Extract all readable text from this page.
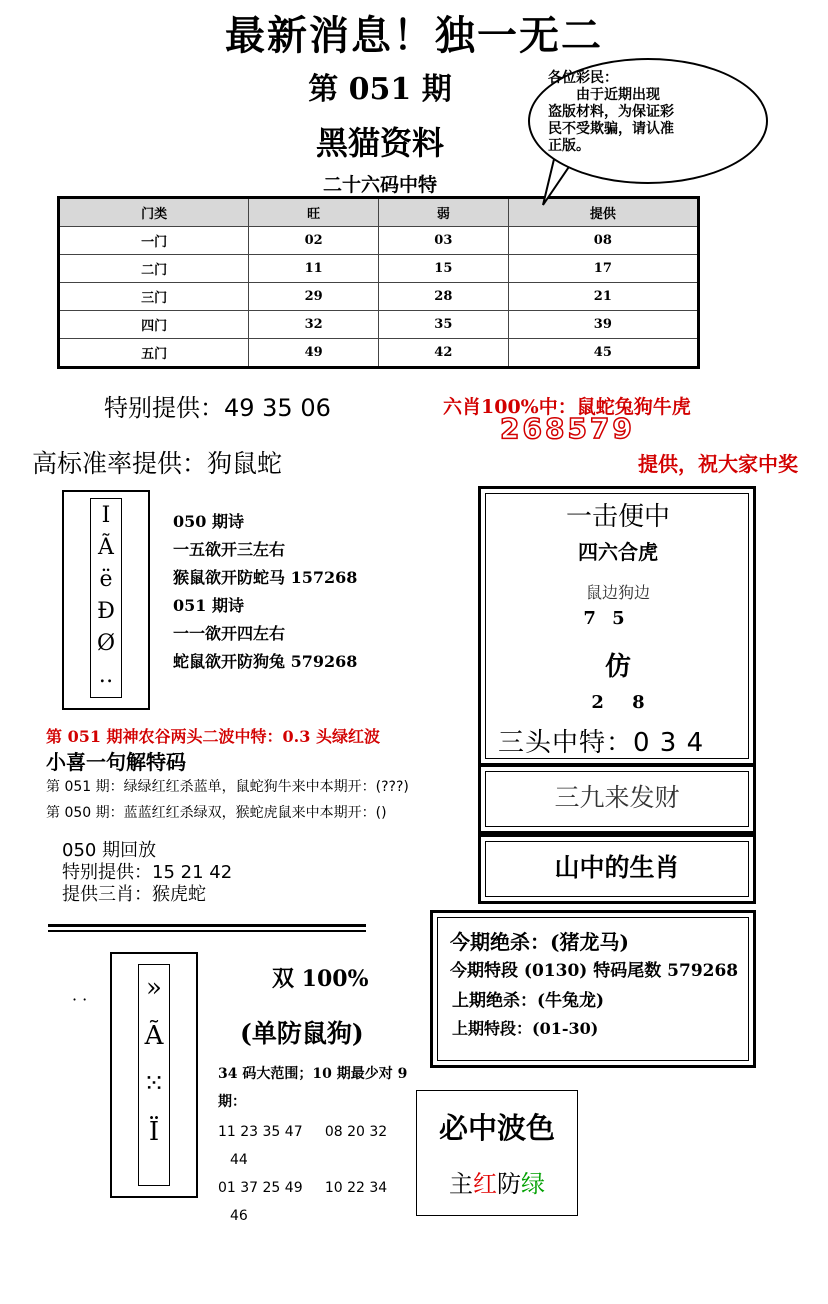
最新消息！独一无二
第 051 期
黑猫资料
二十六码中特
各位彩民：
　　由于近期出现
盗版材料，为保证彩
民不受欺骗，请认准
正版。
门类	旺	弱	提供
一门	02	03	08
二门	11	15	17
三门	29	28	21
四门	32	35	39
五门	49	42	45
特别提供：49 35 06	六肖100%中：鼠蛇兔狗牛虎
268579
高标准率提供：狗鼠蛇	提供，祝大家中奖
I
Ã
ë
Đ
Ø
‥
050 期诗
一五欲开三左右
猴鼠欲开防蛇马 157268
051 期诗
一一欲开四左右
蛇鼠欲开防狗兔 579268
第 051 期神农谷两头二波中特：0.3 头绿红波
小喜一句解特码
第 051 期：绿绿红红杀蓝单，鼠蛇狗牛来中本期开：(???)
第 050 期：蓝蓝红红杀绿双，猴蛇虎鼠来中本期开：()
050 期回放
特别提供：15 21 42
提供三肖：猴虎蛇
一击便中
四六合虎
鼠边狗边
7 5
仿
2 8
三头中特：0 3 4
三九来发财
山中的生肖
今期绝杀：(猪龙马)
今期特段 (0130) 特码尾数 579268
上期绝杀：(牛兔龙)
上期特段：(01-30)
· · »
Ã
⁙
Ï
双 100%
(单防鼠狗)
34 码大范围；10 期最少对 9 期：
11 23 35 47 08 20 32
44
01 37 25 49 10 22 34
46
必中波色
主红防绿
